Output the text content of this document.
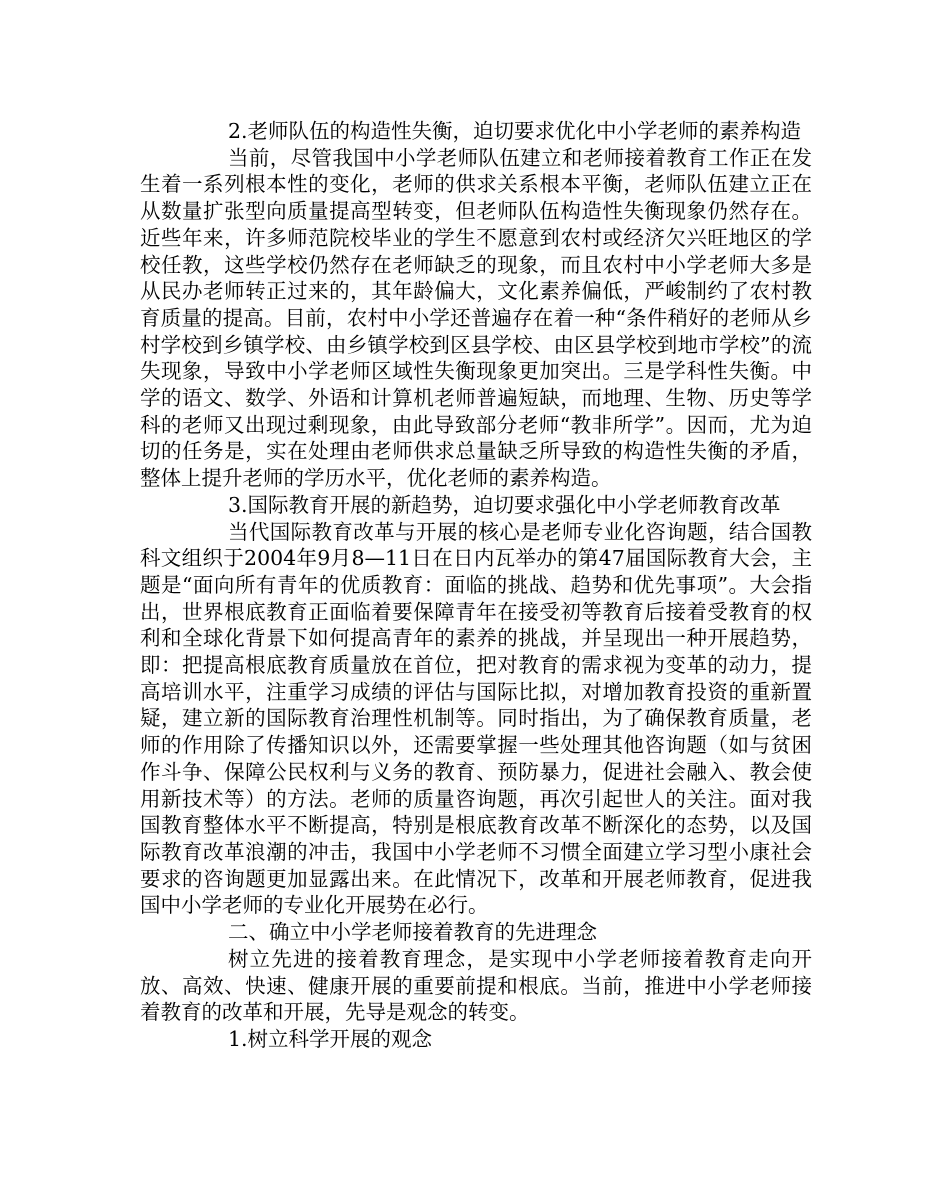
2.老师队伍的构造性失衡，迫切要求优化中小学老师的素养构造

当前，尽管我国中小学老师队伍建立和老师接着教育工作正在发生着一系列根本性的变化，老师的供求关系根本平衡，老师队伍建立正在从数量扩张型向质量提高型转变，但老师队伍构造性失衡现象仍然存在。近些年来，许多师范院校毕业的学生不愿意到农村或经济欠兴旺地区的学校任教，这些学校仍然存在老师缺乏的现象，而且农村中小学老师大多是从民办老师转正过来的，其年龄偏大，文化素养偏低，严峻制约了农村教育质量的提高。目前，农村中小学还普遍存在着一种“条件稍好的老师从乡村学校到乡镇学校、由乡镇学校到区县学校、由区县学校到地市学校”的流失现象，导致中小学老师区域性失衡现象更加突出。三是学科性失衡。中学的语文、数学、外语和计算机老师普遍短缺，而地理、生物、历史等学科的老师又出现过剩现象，由此导致部分老师“教非所学”。因而，尤为迫切的任务是，实在处理由老师供求总量缺乏所导致的构造性失衡的矛盾，整体上提升老师的学历水平，优化老师的素养构造。

3.国际教育开展的新趋势，迫切要求强化中小学老师教育改革

当代国际教育改革与开展的核心是老师专业化咨询题，结合国教科文组织于2004年9月8—11日在日内瓦举办的第47届国际教育大会，主题是“面向所有青年的优质教育：面临的挑战、趋势和优先事项”。大会指出，世界根底教育正面临着要保障青年在接受初等教育后接着受教育的权利和全球化背景下如何提高青年的素养的挑战，并呈现出一种开展趋势，即：把提高根底教育质量放在首位，把对教育的需求视为变革的动力，提高培训水平，注重学习成绩的评估与国际比拟，对增加教育投资的重新置疑，建立新的国际教育治理性机制等。同时指出，为了确保教育质量，老师的作用除了传播知识以外，还需要掌握一些处理其他咨询题（如与贫困作斗争、保障公民权利与义务的教育、预防暴力，促进社会融入、教会使用新技术等）的方法。老师的质量咨询题，再次引起世人的关注。面对我国教育整体水平不断提高，特别是根底教育改革不断深化的态势，以及国际教育改革浪潮的冲击，我国中小学老师不习惯全面建立学习型小康社会要求的咨询题更加显露出来。在此情况下，改革和开展老师教育，促进我国中小学老师的专业化开展势在必行。

二、确立中小学老师接着教育的先进理念

树立先进的接着教育理念，是实现中小学老师接着教育走向开放、高效、快速、健康开展的重要前提和根底。当前，推进中小学老师接着教育的改革和开展，先导是观念的转变。

1.树立科学开展的观念
